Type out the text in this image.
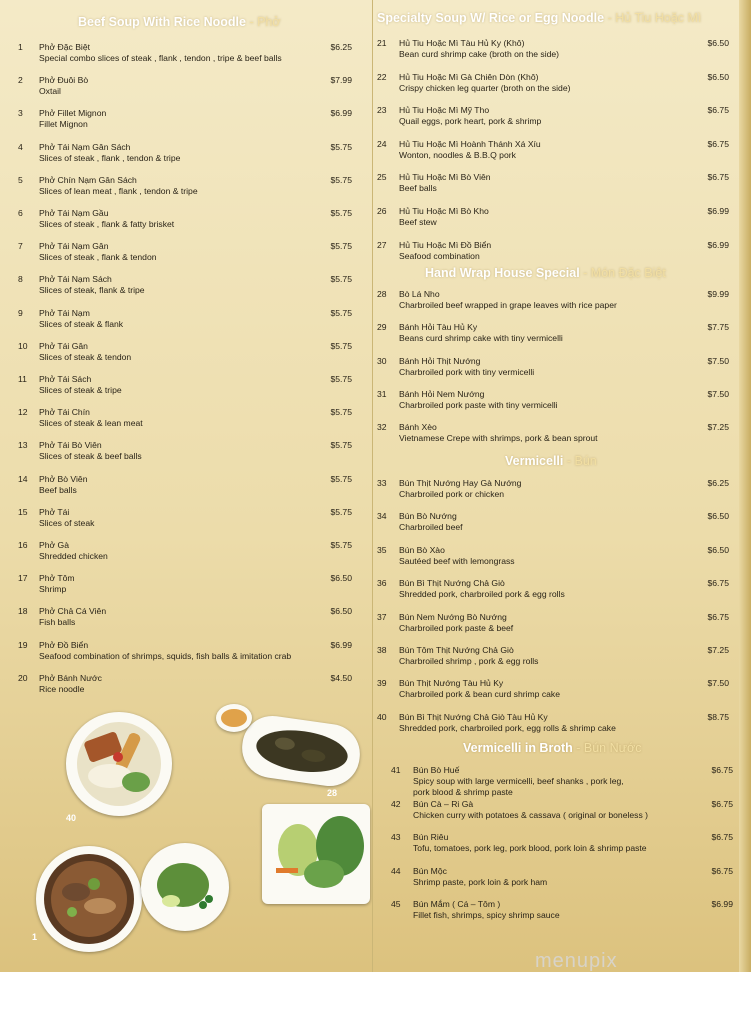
Beef Soup With Rice Noodle - Phở
1	Phở Đặc Biệt
Special combo slices of steak , flank , tendon , tripe & beef balls
$6.25
2	Phở Đuôi Bò
Oxtail
$7.99
3	Phở Fillet Mignon
Fillet Mignon
$6.99
4	Phở Tái Nạm Gân Sách
Slices of steak , flank , tendon & tripe
$5.75
5	Phở Chín Nạm Gân Sách
Slices of lean meat , flank , tendon & tripe
$5.75
6	Phở Tái Nạm Gầu
Slices of steak , flank & fatty brisket
$5.75
7	Phở Tái Nạm Gân
Slices of steak , flank & tendon
$5.75
8	Phở Tái Nạm Sách
Slices of steak, flank & tripe
$5.75
9	Phở Tái Nạm
Slices of steak & flank
$5.75
10	Phở Tái Gân
Slices of steak & tendon
$5.75
11	Phở Tái Sách
Slices of steak & tripe
$5.75
12	Phở Tái Chín
Slices of steak & lean meat
$5.75
13	Phở Tái Bò Viên
Slices of steak & beef balls
$5.75
14	Phở Bò Viên
Beef balls
$5.75
15	Phở Tái
Slices of steak
$5.75
16	Phở Gà
Shredded chicken
$5.75
17	Phở Tôm
Shrimp
$6.50
18	Phở Chả Cá Viên
Fish balls
$6.50
19	Phở Đồ Biển
Seafood combination of shrimps, squids, fish balls & imitation crab
$6.99
20	Phở Bánh Nước
Rice noodle
$4.50
40
28
1
Specialty Soup W/ Rice or Egg Noodle - Hủ Tiu Hoặc Mì
21	Hủ Tiu Hoặc Mì Tàu Hủ Ky (Khô)
Bean curd shrimp cake (broth on the side)
$6.50
22	Hủ Tiu Hoặc Mì Gà Chiên Dòn (Khô)
Crispy chicken leg quarter (broth on the side)
$6.50
23	Hủ Tiu Hoặc Mì Mỹ Tho
Quail eggs, pork heart, pork & shrimp
$6.75
24	Hủ Tiu Hoặc Mì Hoành Thánh Xá Xíu
Wonton, noodles & B.B.Q pork
$6.75
25	Hủ Tiu Hoặc Mì Bò Viên
Beef balls
$6.75
26	Hủ Tiu Hoặc Mì Bò Kho
Beef stew
$6.99
27	Hủ Tiu Hoặc Mì Đồ Biển
Seafood combination
$6.99
Hand Wrap House Special - Món Đặc Biệt
28	Bò Lá Nho
Charbroiled beef wrapped in grape leaves with rice paper
$9.99
29	Bánh Hỏi Tàu Hủ Ky
Beans curd shrimp cake with tiny vermicelli
$7.75
30	Bánh Hỏi Thịt Nướng
Charbroiled pork with tiny vermicelli
$7.50
31	Bánh Hỏi Nem Nướng
Charbroiled pork paste with tiny vermicelli
$7.50
32	Bánh Xèo
Vietnamese Crepe with shrimps, pork & bean sprout
$7.25
Vermicelli - Bún
33	Bún Thịt Nướng Hay Gà Nướng
Charbroiled pork or chicken
$6.25
34	Bún Bò Nướng
Charbroiled beef
$6.50
35	Bún Bò Xào
Sautéed beef with lemongrass
$6.50
36	Bún Bì Thịt Nướng Chả Giò
Shredded pork, charbroiled pork & egg rolls
$6.75
37	Bún Nem Nướng Bò Nướng
Charbroiled pork paste & beef
$6.75
38	Bún Tôm Thịt Nướng Chả Giò
Charbroiled shrimp , pork & egg rolls
$7.25
39	Bún Thịt Nướng Tàu Hủ Ky
Charbroiled pork & bean curd shrimp cake
$7.50
40	Bún Bì Thịt Nướng Chả Giò Tàu Hủ Ky
Shredded pork, charbroiled pork, egg rolls & shrimp cake
$8.75
Vermicelli in Broth - Bún Nước
41	Bún Bò Huế
Spicy soup with large vermicelli, beef shanks , pork leg,
pork blood & shrimp paste
$6.75
42	Bún Cà – Ri Gà
Chicken curry with potatoes & cassava ( original or boneless )
$6.75
43	Bún Riêu
Tofu, tomatoes, pork leg, pork blood, pork loin & shrimp paste
$6.75
44	Bún Mộc
Shrimp paste, pork loin & pork ham
$6.75
45	Bún Mắm ( Cá – Tôm )
Fillet fish, shrimps, spicy shrimp sauce
$6.99
menupix
